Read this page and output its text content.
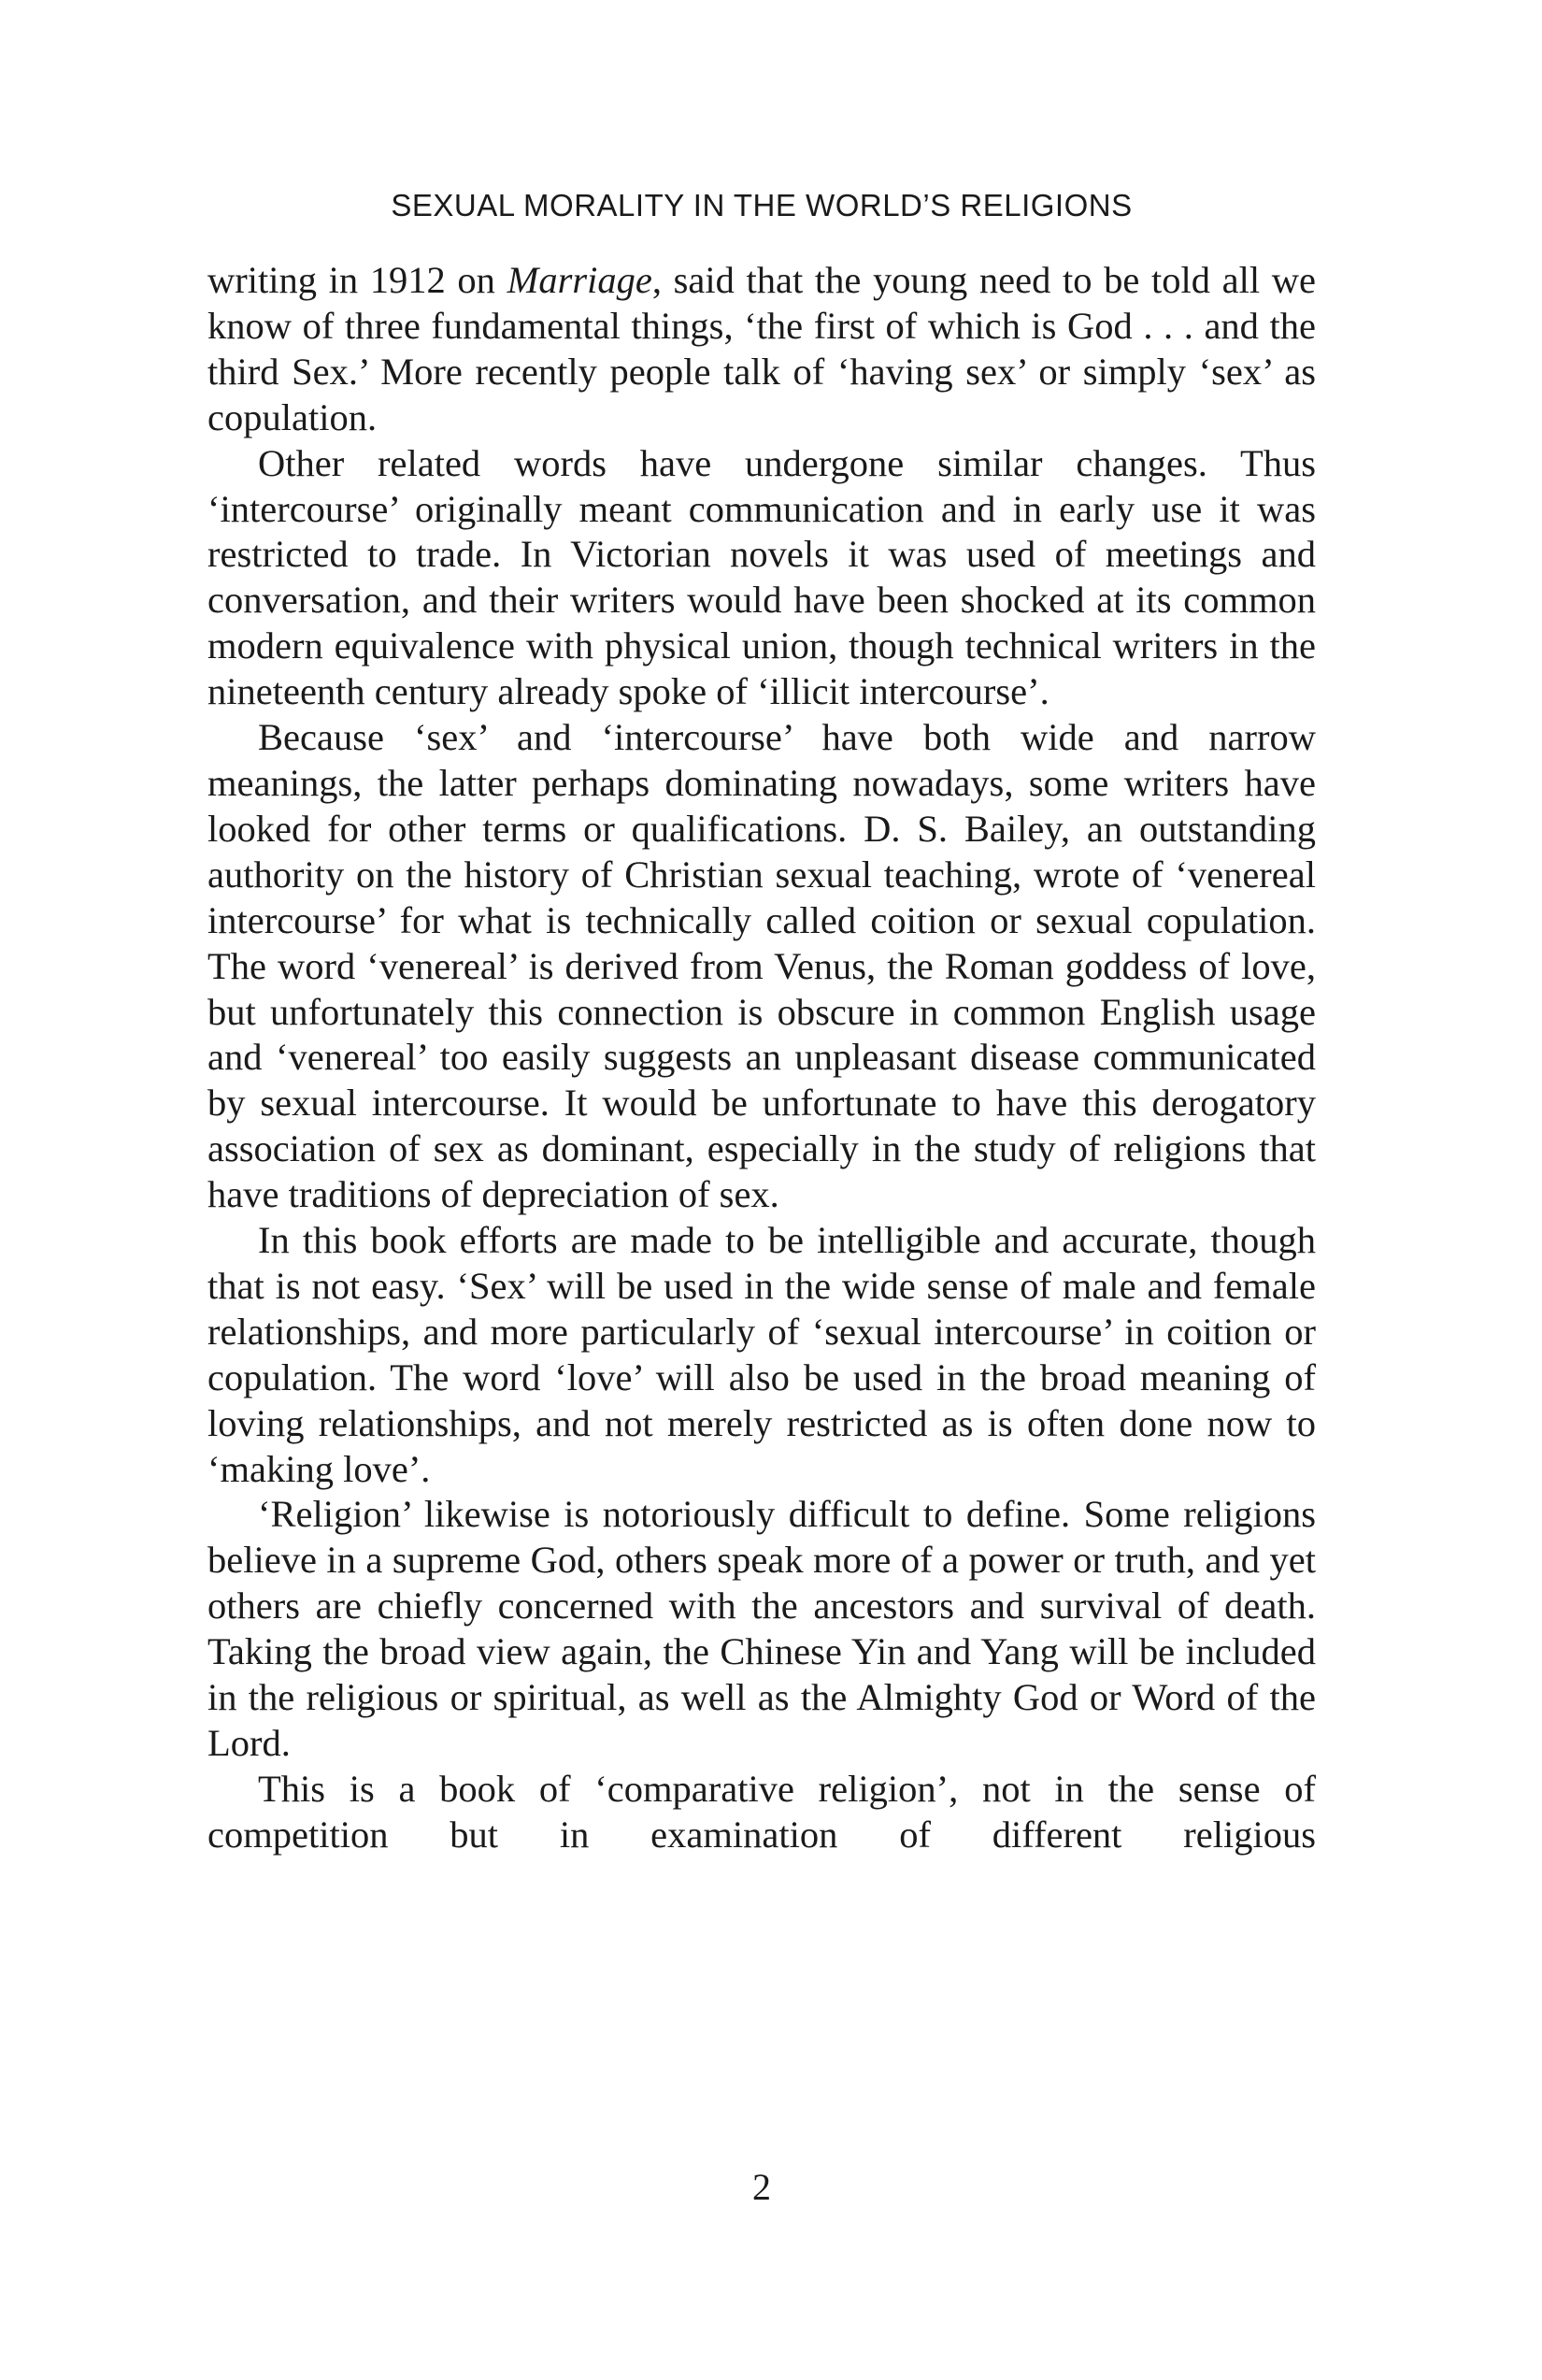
SEXUAL MORALITY IN THE WORLD’S RELIGIONS

writing in 1912 on Marriage, said that the young need to be told all we know of three fundamental things, ‘the first of which is God . . . and the third Sex.’ More recently people talk of ‘having sex’ or simply ‘sex’ as copulation.

Other related words have undergone similar changes. Thus ‘intercourse’ originally meant communication and in early use it was restricted to trade. In Victorian novels it was used of meetings and conversation, and their writers would have been shocked at its common modern equivalence with physical union, though technical writers in the nineteenth century already spoke of ‘illicit intercourse’.

Because ‘sex’ and ‘intercourse’ have both wide and narrow meanings, the latter perhaps dominating nowadays, some writers have looked for other terms or qualifications. D. S. Bailey, an outstanding authority on the history of Christian sexual teaching, wrote of ‘venereal intercourse’ for what is technically called coition or sexual copulation. The word ‘venereal’ is derived from Venus, the Roman goddess of love, but unfortunately this connection is obscure in common English usage and ‘venereal’ too easily suggests an unpleasant disease communicated by sexual intercourse. It would be unfortunate to have this derogatory association of sex as dominant, especially in the study of religions that have traditions of depreciation of sex.

In this book efforts are made to be intelligible and accurate, though that is not easy. ‘Sex’ will be used in the wide sense of male and female relationships, and more particularly of ‘sexual intercourse’ in coition or copulation. The word ‘love’ will also be used in the broad meaning of loving relationships, and not merely restricted as is often done now to ‘making love’.

‘Religion’ likewise is notoriously difficult to define. Some religions believe in a supreme God, others speak more of a power or truth, and yet others are chiefly concerned with the ancestors and survival of death. Taking the broad view again, the Chinese Yin and Yang will be included in the religious or spiritual, as well as the Almighty God or Word of the Lord.

This is a book of ‘comparative religion’, not in the sense of competition but in examination of different religious

2
